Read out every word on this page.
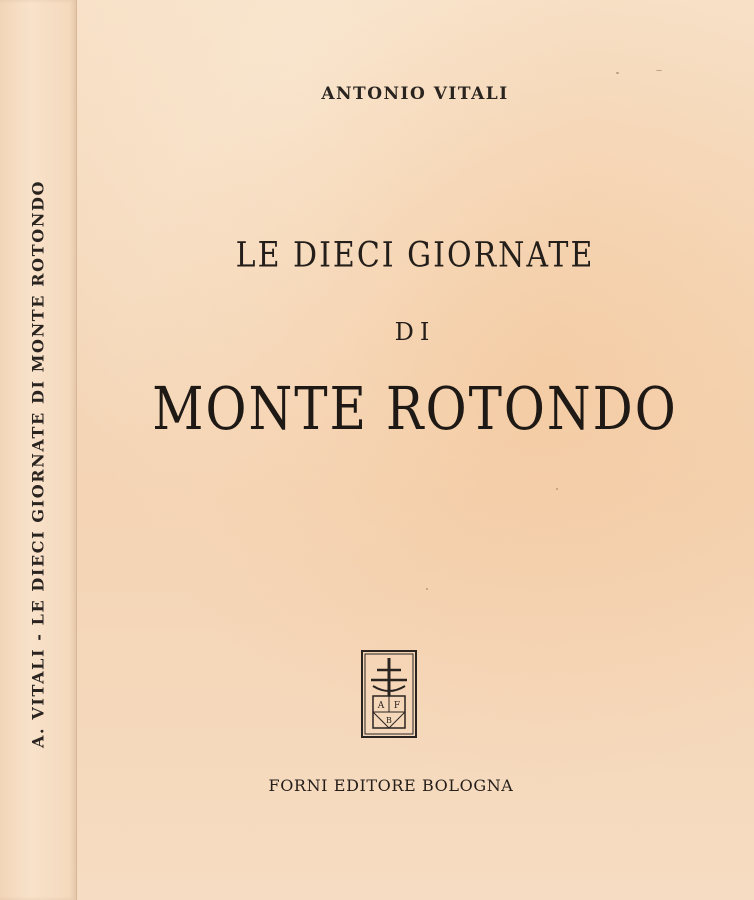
A. VITALI - LE DIECI GIORNATE DI MONTE ROTONDO
ANTONIO VITALI
LE DIECI GIORNATE
DI
MONTE ROTONDO
A F
B
FORNI EDITORE BOLOGNA
